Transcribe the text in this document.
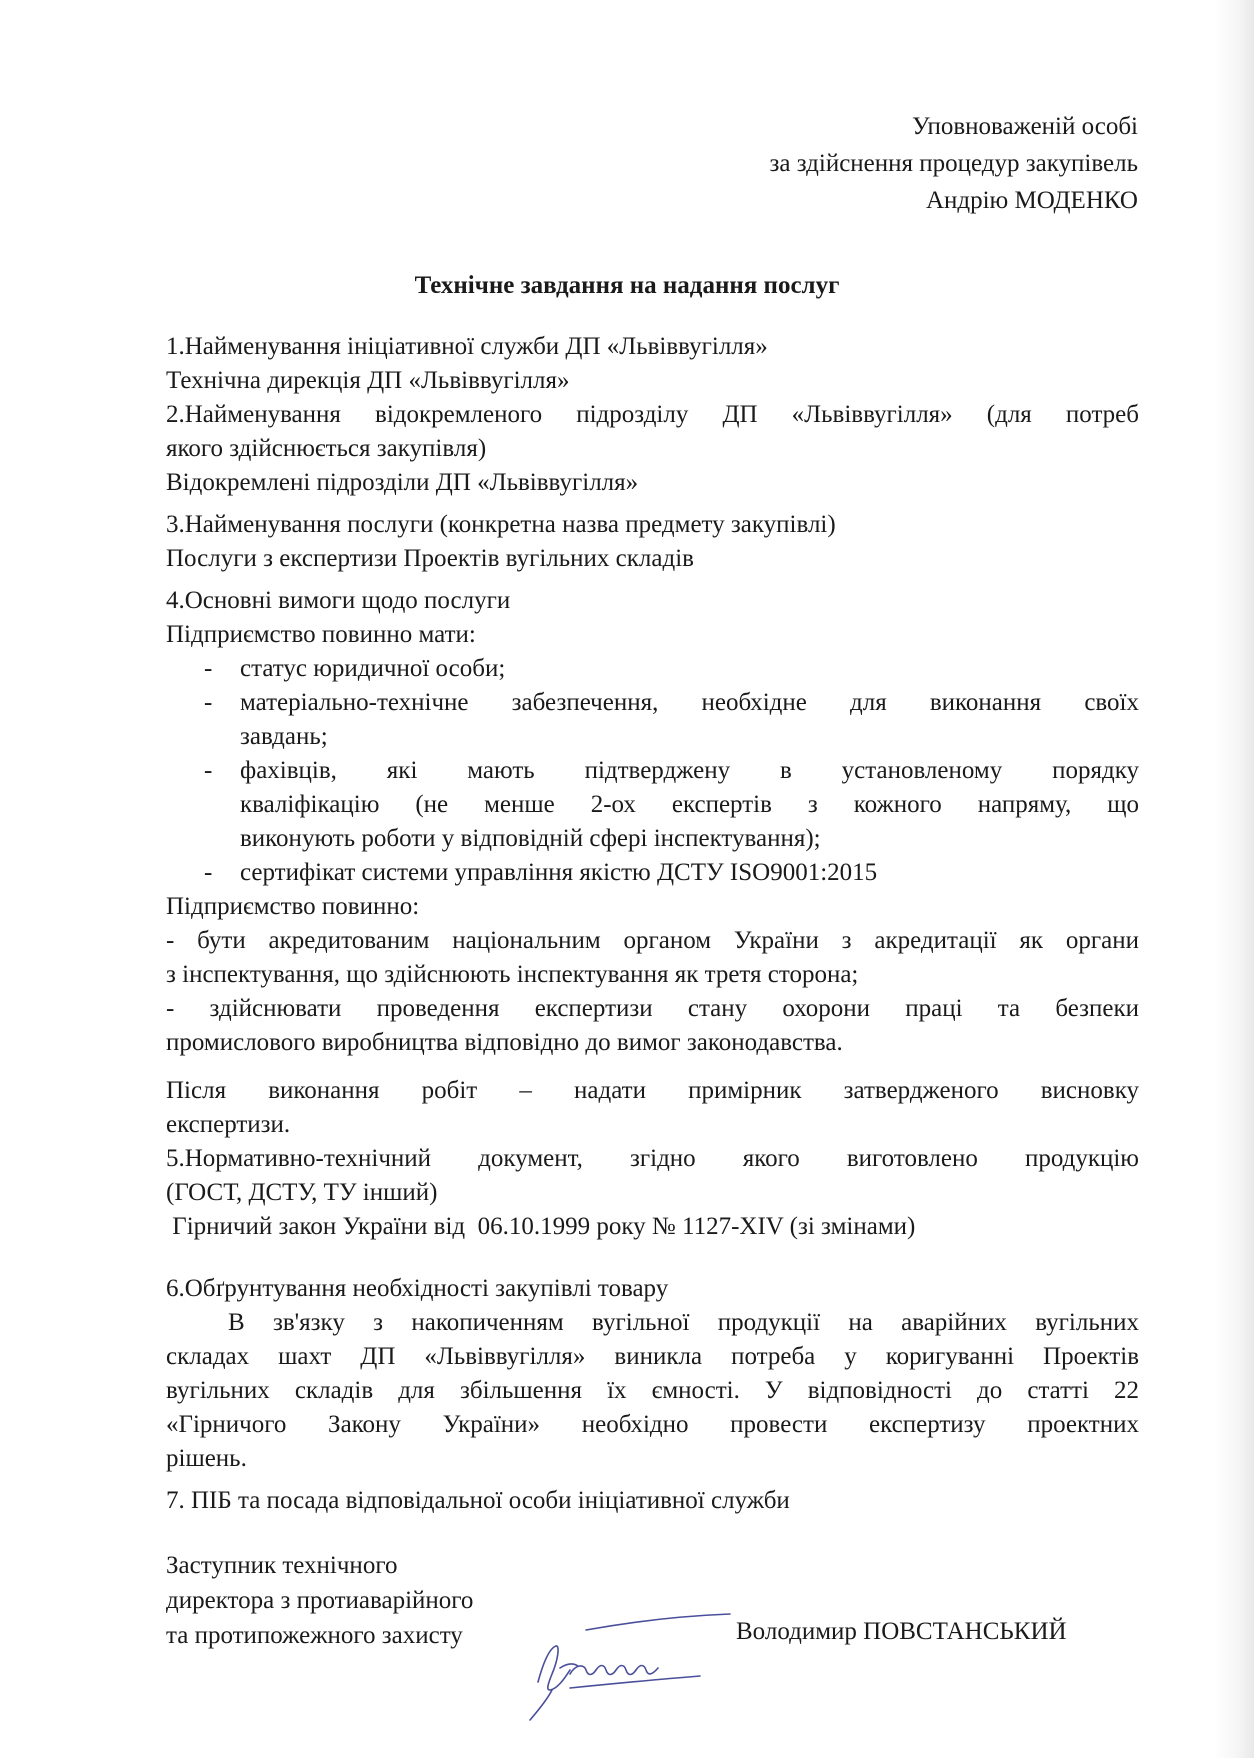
Уповноваженій особі
за здійснення процедур закупівель
Андрію МОДЕНКО
Технічне завдання на надання послуг
1.Найменування ініціативної служби ДП «Львіввугілля»
Технічна дирекція ДП «Львіввугілля»
2.Найменування відокремленого підрозділу ДП «Львіввугілля» (для потреб
якого здійснюється закупівля)
Відокремлені підрозділи ДП «Львіввугілля»
3.Найменування послуги (конкретна назва предмету закупівлі)
Послуги з експертизи Проектів вугільних складів
4.Основні вимоги щодо послуги
Підприємство повинно мати:
- статус юридичної особи;
- матеріально-технічне забезпечення, необхідне для виконання своїх
завдань;
- фахівців, які мають підтверджену в установленому порядку
кваліфікацію (не менше 2-ох експертів з кожного напряму, що
виконують роботи у відповідній сфері інспектування);
- сертифікат системи управління якістю ДСТУ ISO9001:2015
Підприємство повинно:
- бути акредитованим національним органом України з акредитації як органи
з інспектування, що здійснюють інспектування як третя сторона;
- здійснювати проведення експертизи стану охорони праці та безпеки
промислового виробництва відповідно до вимог законодавства.
Після виконання робіт – надати примірник затвердженого висновку
експертизи.
5.Нормативно-технічний документ, згідно якого виготовлено продукцію
(ГОСТ, ДСТУ, ТУ інший)
Гірничий закон України від  06.10.1999 року № 1127-XIV (зі змінами)
6.Обґрунтування необхідності закупівлі товару
В зв'язку з накопиченням вугільної продукції на аварійних вугільних
складах шахт ДП «Львіввугілля» виникла потреба у коригуванні Проектів
вугільних складів для збільшення їх ємності. У відповідності до статті 22
«Гірничого Закону України» необхідно провести експертизу проектних
рішень.
7. ПІБ та посада відповідальної особи ініціативної служби
Заступник технічного
директора з протиаварійного
та протипожежного захисту	Володимир ПОВСТАНСЬКИЙ
